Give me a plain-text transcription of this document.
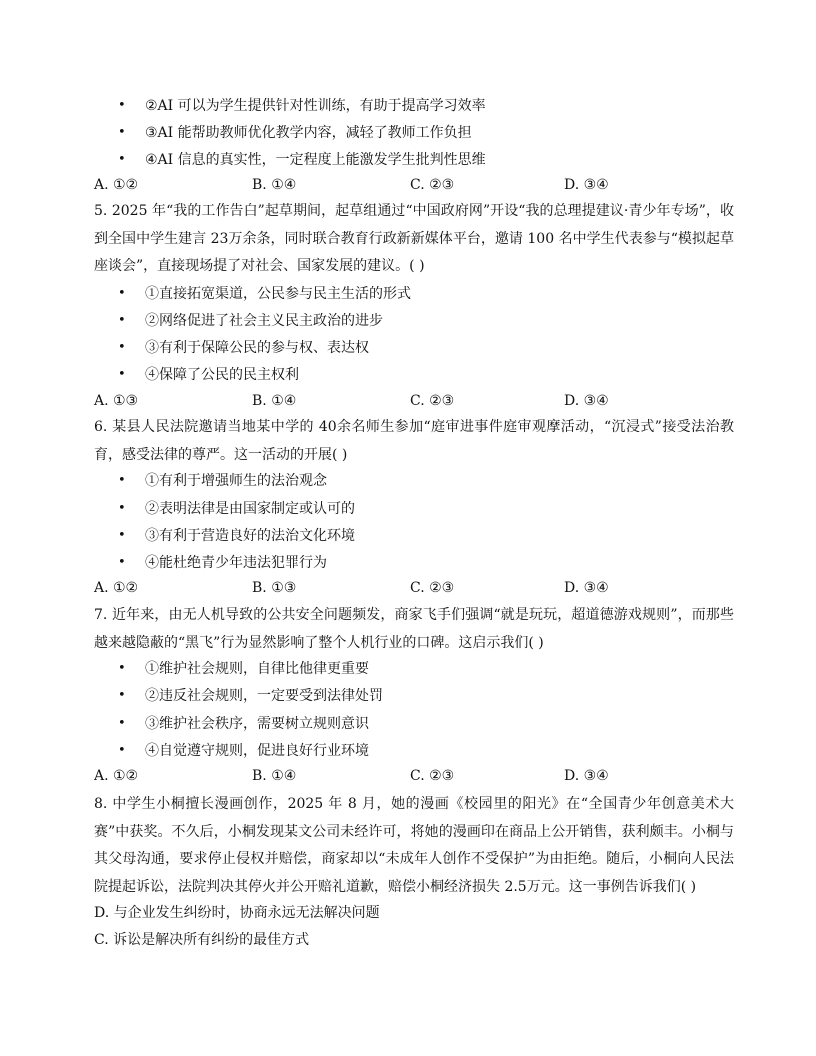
•	②AI 可以为学生提供针对性训练，有助于提高学习效率
•	③AI 能帮助教师优化教学内容，减轻了教师工作负担
•	④AI 信息的真实性，一定程度上能激发学生批判性思维
A. ①②	B. ①④	C. ②③	D. ③④
5. 2025 年“我的工作告白”起草期间，起草组通过“中国政府网”开设“我的总理提建议·青少年专场”，收到全国中学生建言 23万余条，同时联合教育行政新新媒体平台，邀请 100 名中学生代表参与“模拟起草座谈会”，直接现场提了对社会、国家发展的建议。( )
•	①直接拓宽渠道，公民参与民主生活的形式
•	②网络促进了社会主义民主政治的进步
•	③有利于保障公民的参与权、表达权
•	④保障了公民的民主权利
A. ①③	B. ①④	C. ②③	D. ③④
6. 某县人民法院邀请当地某中学的 40余名师生参加“庭审进事件庭审观摩活动，“沉浸式”接受法治教育，感受法律的尊严。这一活动的开展( )
•	①有利于增强师生的法治观念
•	②表明法律是由国家制定或认可的
•	③有利于营造良好的法治文化环境
•	④能杜绝青少年违法犯罪行为
A. ①②	B. ①③	C. ②③	D. ③④
7. 近年来，由无人机导致的公共安全问题频发，商家飞手们强调“就是玩玩，超道德游戏规则”，而那些越来越隐蔽的“黑飞”行为显然影响了整个人机行业的口碑。这启示我们( )
•	①维护社会规则，自律比他律更重要
•	②违反社会规则，一定要受到法律处罚
•	③维护社会秩序，需要树立规则意识
•	④自觉遵守规则，促进良好行业环境
A. ①②	B. ①④	C. ②③	D. ③④
8. 中学生小桐擅长漫画创作，2025 年 8 月，她的漫画《校园里的阳光》在“全国青少年创意美术大赛”中获奖。不久后，小桐发现某文公司未经许可，将她的漫画印在商品上公开销售，获利颇丰。小桐与其父母沟通，要求停止侵权并赔偿，商家却以“未成年人创作不受保护”为由拒绝。随后，小桐向人民法院提起诉讼，法院判决其停火并公开赔礼道歉，赔偿小桐经济损失 2.5万元。这一事例告诉我们( )
D. 与企业发生纠纷时，协商永远无法解决问题
C. 诉讼是解决所有纠纷的最佳方式
